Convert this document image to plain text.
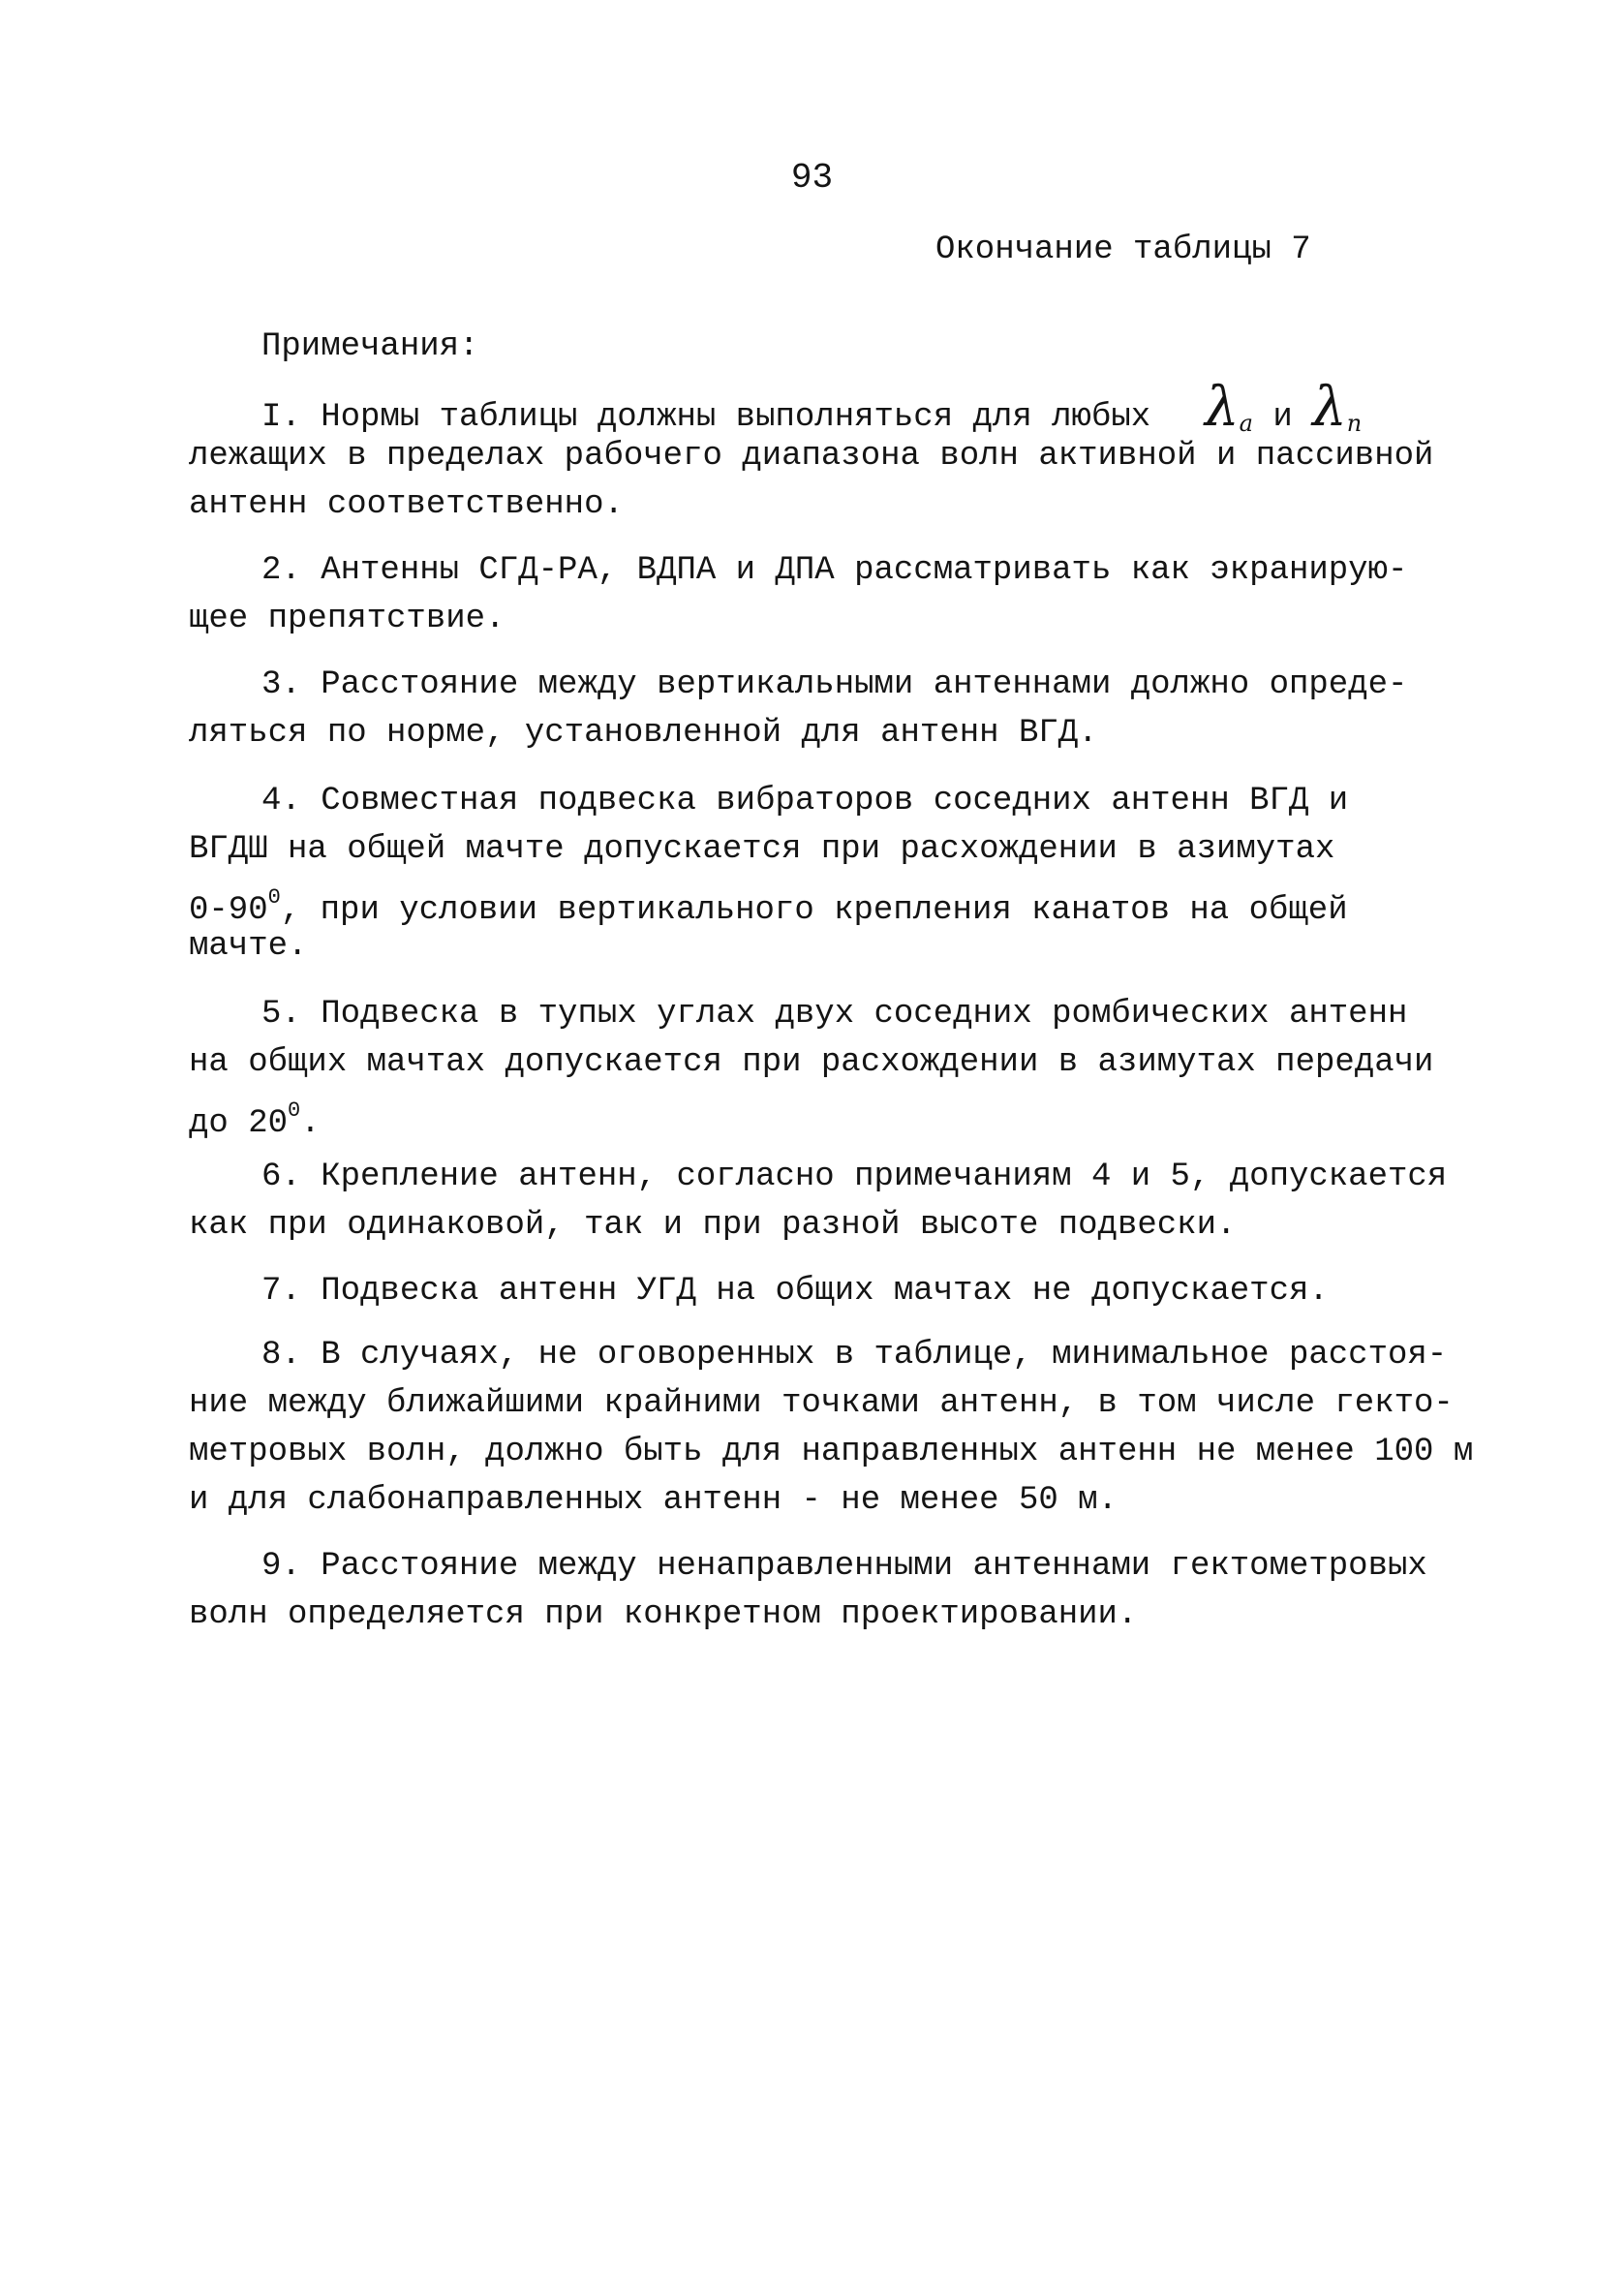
93
Окончание таблицы 7
Примечания:
I. Нормы таблицы должны выполняться для любых $\lambda_а$ и $\lambda_п$
лежащих в пределах рабочего диапазона волн активной и пассивной
антенн соответственно.
2. Антенны СГД-РА, ВДПА и ДПА рассматривать как экранирую-
щее препятствие.
3. Расстояние между вертикальными антеннами должно опреде-
ляться по норме, установленной для антенн ВГД.
4. Совместная подвеска вибраторов соседних антенн ВГД и
ВГДШ на общей мачте допускается при расхождении в азимутах
$0-90^0$, при условии вертикального крепления канатов на общей
мачте.
5. Подвеска в тупых углах двух соседних ромбических антенн
на общих мачтах допускается при расхождении в азимутах передачи
до $20^0$.
6. Крепление антенн, согласно примечаниям 4 и 5, допускается
как при одинаковой, так и при разной высоте подвески.
7. Подвеска антенн УГД на общих мачтах не допускается.
8. В случаях, не оговоренных в таблице, минимальное расстоя-
ние между ближайшими крайними точками антенн, в том числе гекто-
метровых волн, должно быть для направленных антенн не менее 100 м
и для слабонаправленных антенн - не менее 50 м.
9. Расстояние между ненаправленными антеннами гектометровых
волн определяется при конкретном проектировании.
